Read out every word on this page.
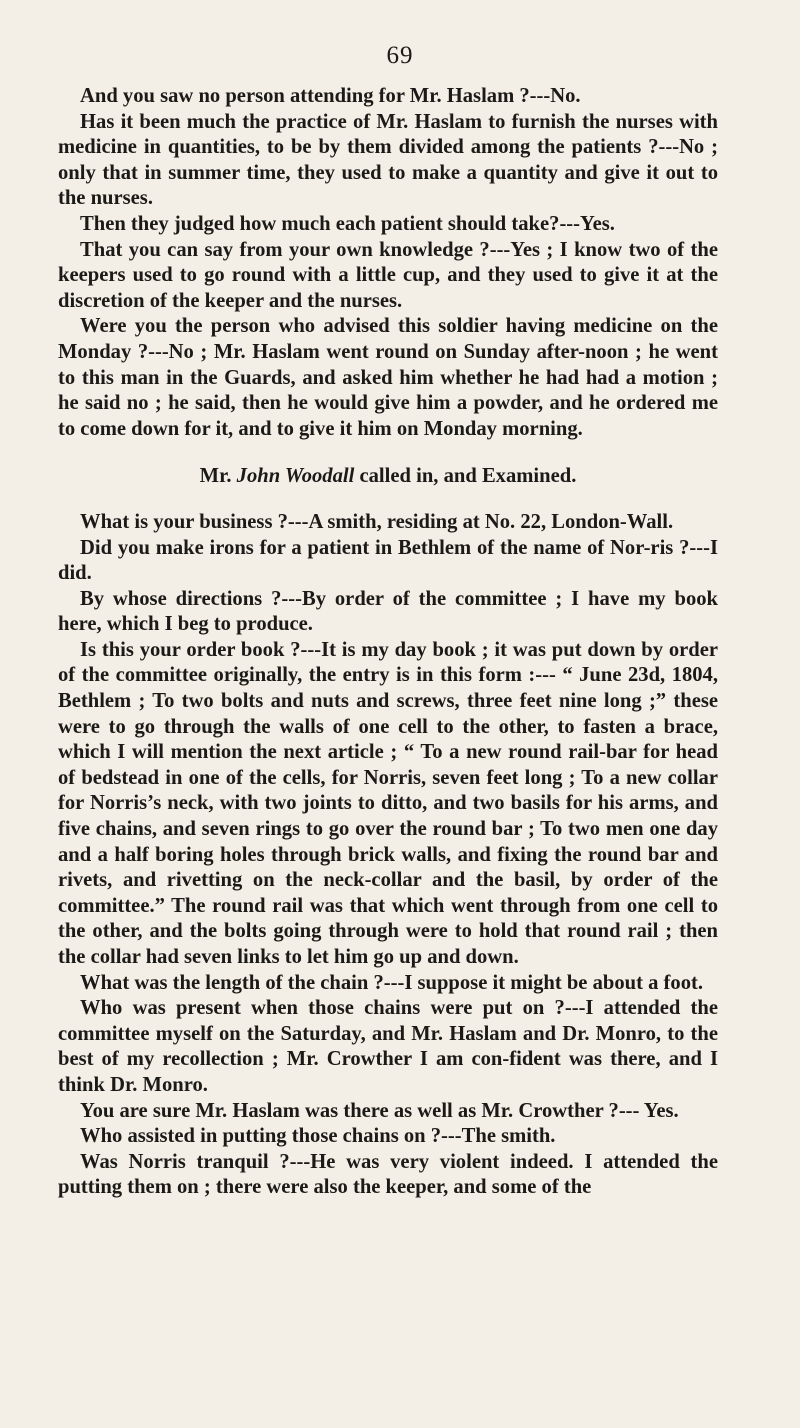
69

And you saw no person attending for Mr. Haslam ?---No.

Has it been much the practice of Mr. Haslam to furnish the nurses with medicine in quantities, to be by them divided among the patients ?---No ; only that in summer time, they used to make a quantity and give it out to the nurses.

Then they judged how much each patient should take?---Yes.

That you can say from your own knowledge ?---Yes ; I know two of the keepers used to go round with a little cup, and they used to give it at the discretion of the keeper and the nurses.

Were you the person who advised this soldier having medicine on the Monday ?---No ; Mr. Haslam went round on Sunday after-noon ; he went to this man in the Guards, and asked him whether he had had a motion ; he said no ; he said, then he would give him a powder, and he ordered me to come down for it, and to give it him on Monday morning.

Mr. John Woodall called in, and Examined.

What is your business ?---A smith, residing at No. 22, London-Wall.

Did you make irons for a patient in Bethlem of the name of Nor-ris ?---I did.

By whose directions ?---By order of the committee ; I have my book here, which I beg to produce.

Is this your order book ?---It is my day book ; it was put down by order of the committee originally, the entry is in this form :--- “ June 23d, 1804, Bethlem ; To two bolts and nuts and screws, three feet nine long ;” these were to go through the walls of one cell to the other, to fasten a brace, which I will mention the next article ; “ To a new round rail-bar for head of bedstead in one of the cells, for Norris, seven feet long ; To a new collar for Norris’s neck, with two joints to ditto, and two basils for his arms, and five chains, and seven rings to go over the round bar ; To two men one day and a half boring holes through brick walls, and fixing the round bar and rivets, and rivetting on the neck-collar and the basil, by order of the committee.” The round rail was that which went through from one cell to the other, and the bolts going through were to hold that round rail ; then the collar had seven links to let him go up and down.

What was the length of the chain ?---I suppose it might be about a foot.

Who was present when those chains were put on ?---I attended the committee myself on the Saturday, and Mr. Haslam and Dr. Monro, to the best of my recollection ; Mr. Crowther I am con-fident was there, and I think Dr. Monro.

You are sure Mr. Haslam was there as well as Mr. Crowther ?--- Yes.

Who assisted in putting those chains on ?---The smith.

Was Norris tranquil ?---He was very violent indeed. I attended the putting them on ; there were also the keeper, and some of the
